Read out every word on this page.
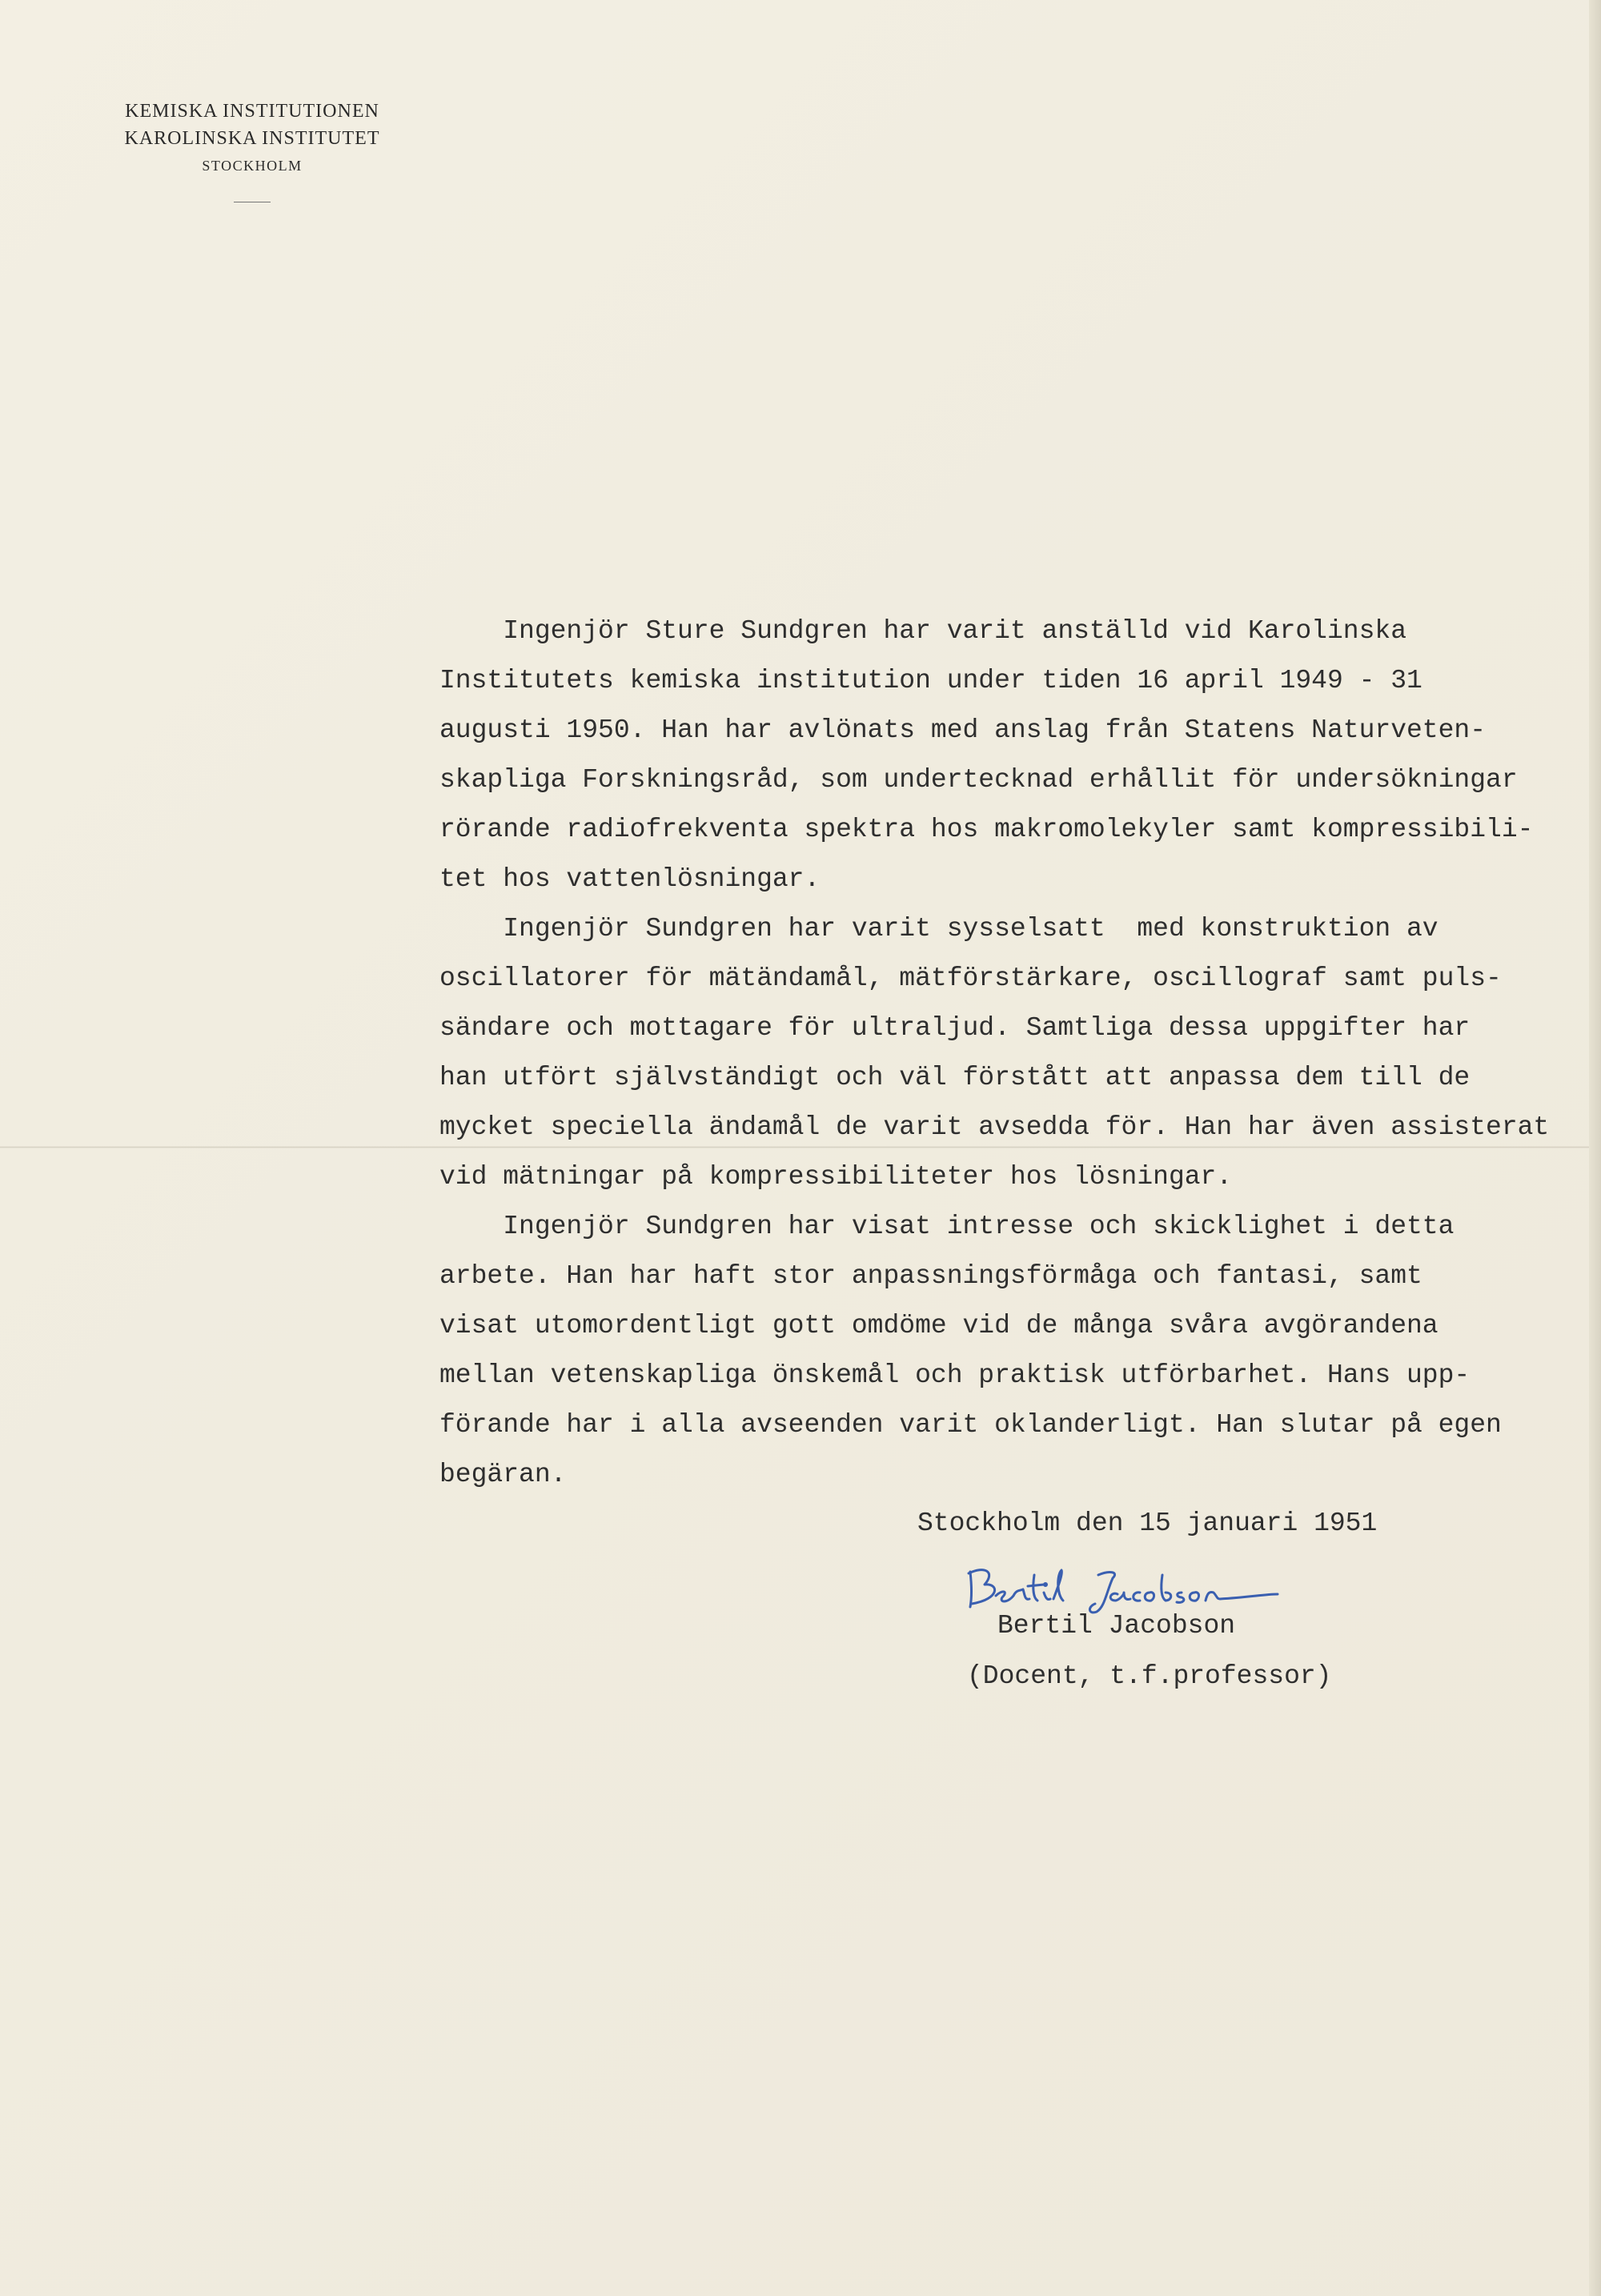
KEMISKA INSTITUTIONEN
KAROLINSKA INSTITUTET
STOCKHOLM
Ingenjör Sture Sundgren har varit anställd vid Karolinska
Institutets kemiska institution under tiden 16 april 1949 - 31
augusti 1950. Han har avlönats med anslag från Statens Naturveten-
skapliga Forskningsråd, som undertecknad erhållit för undersökningar
rörande radiofrekventa spektra hos makromolekyler samt kompressibili-
tet hos vattenlösningar.
Ingenjör Sundgren har varit sysselsatt  med konstruktion av
oscillatorer för mätändamål, mätförstärkare, oscillograf samt puls-
sändare och mottagare för ultraljud. Samtliga dessa uppgifter har
han utfört självständigt och väl förstått att anpassa dem till de
mycket speciella ändamål de varit avsedda för. Han har även assisterat
vid mätningar på kompressibiliteter hos lösningar.
Ingenjör Sundgren har visat intresse och skicklighet i detta
arbete. Han har haft stor anpassningsförmåga och fantasi, samt
visat utomordentligt gott omdöme vid de många svåra avgörandena
mellan vetenskapliga önskemål och praktisk utförbarhet. Hans upp-
förande har i alla avseenden varit oklanderligt. Han slutar på egen
begäran.
Stockholm den 15 januari 1951
Bertil Jacobson
(Docent, t.f.professor)
